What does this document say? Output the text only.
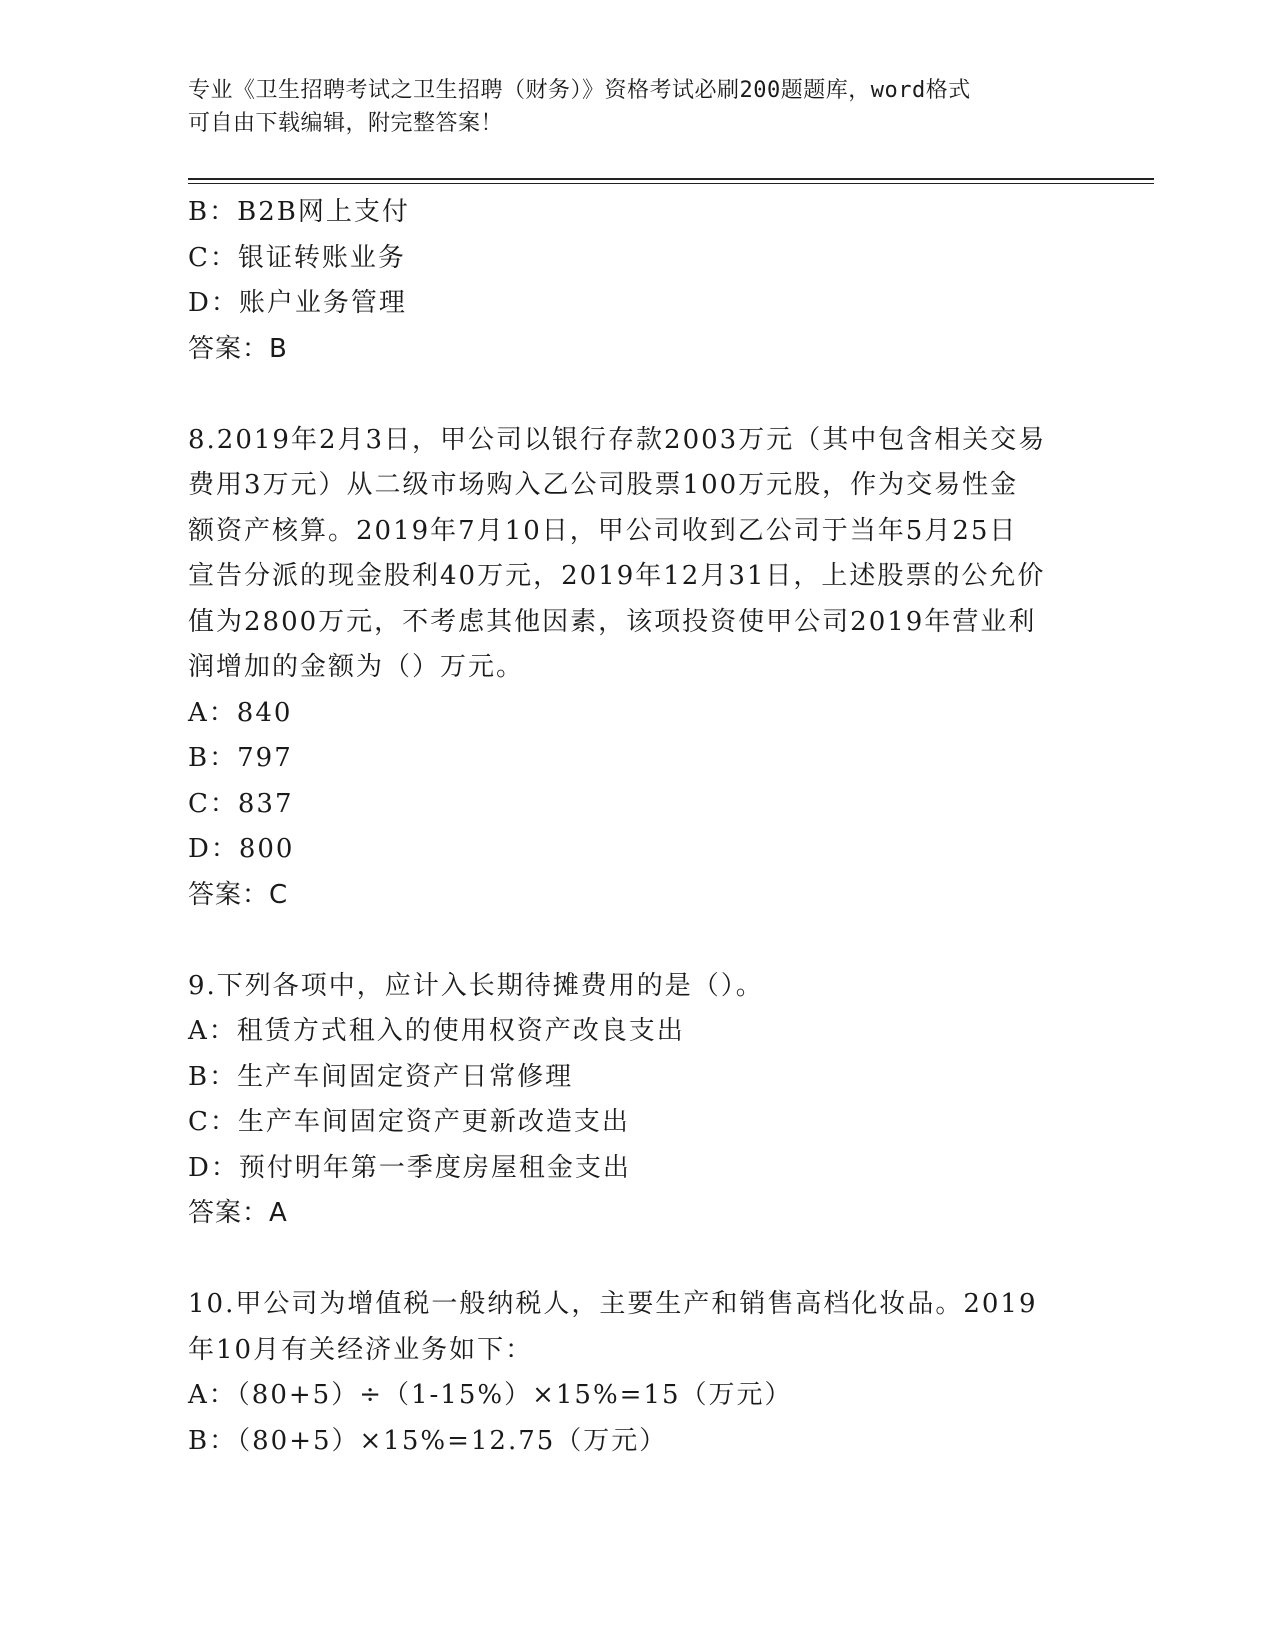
专业《卫生招聘考试之卫生招聘（财务）》资格考试必刷200题题库，word格式
可自由下载编辑，附完整答案！
B：B2B网上支付
C：银证转账业务
D：账户业务管理
答案：B
8.2019年2月3日，甲公司以银行存款2003万元（其中包含相关交易
费用3万元）从二级市场购入乙公司股票100万元股，作为交易性金
额资产核算。2019年7月10日，甲公司收到乙公司于当年5月25日
宣告分派的现金股利40万元，2019年12月31日，上述股票的公允价
值为2800万元，不考虑其他因素，该项投资使甲公司2019年营业利
润增加的金额为（）万元。
A：840
B：797
C：837
D：800
答案：C
9.下列各项中，应计入长期待摊费用的是（）。
A：租赁方式租入的使用权资产改良支出
B：生产车间固定资产日常修理
C：生产车间固定资产更新改造支出
D：预付明年第一季度房屋租金支出
答案：A
10.甲公司为增值税一般纳税人，主要生产和销售高档化妆品。2019
年10月有关经济业务如下：
A：（80+5）÷（1-15%）×15%=15（万元）
B：（80+5）×15%=12.75（万元）
